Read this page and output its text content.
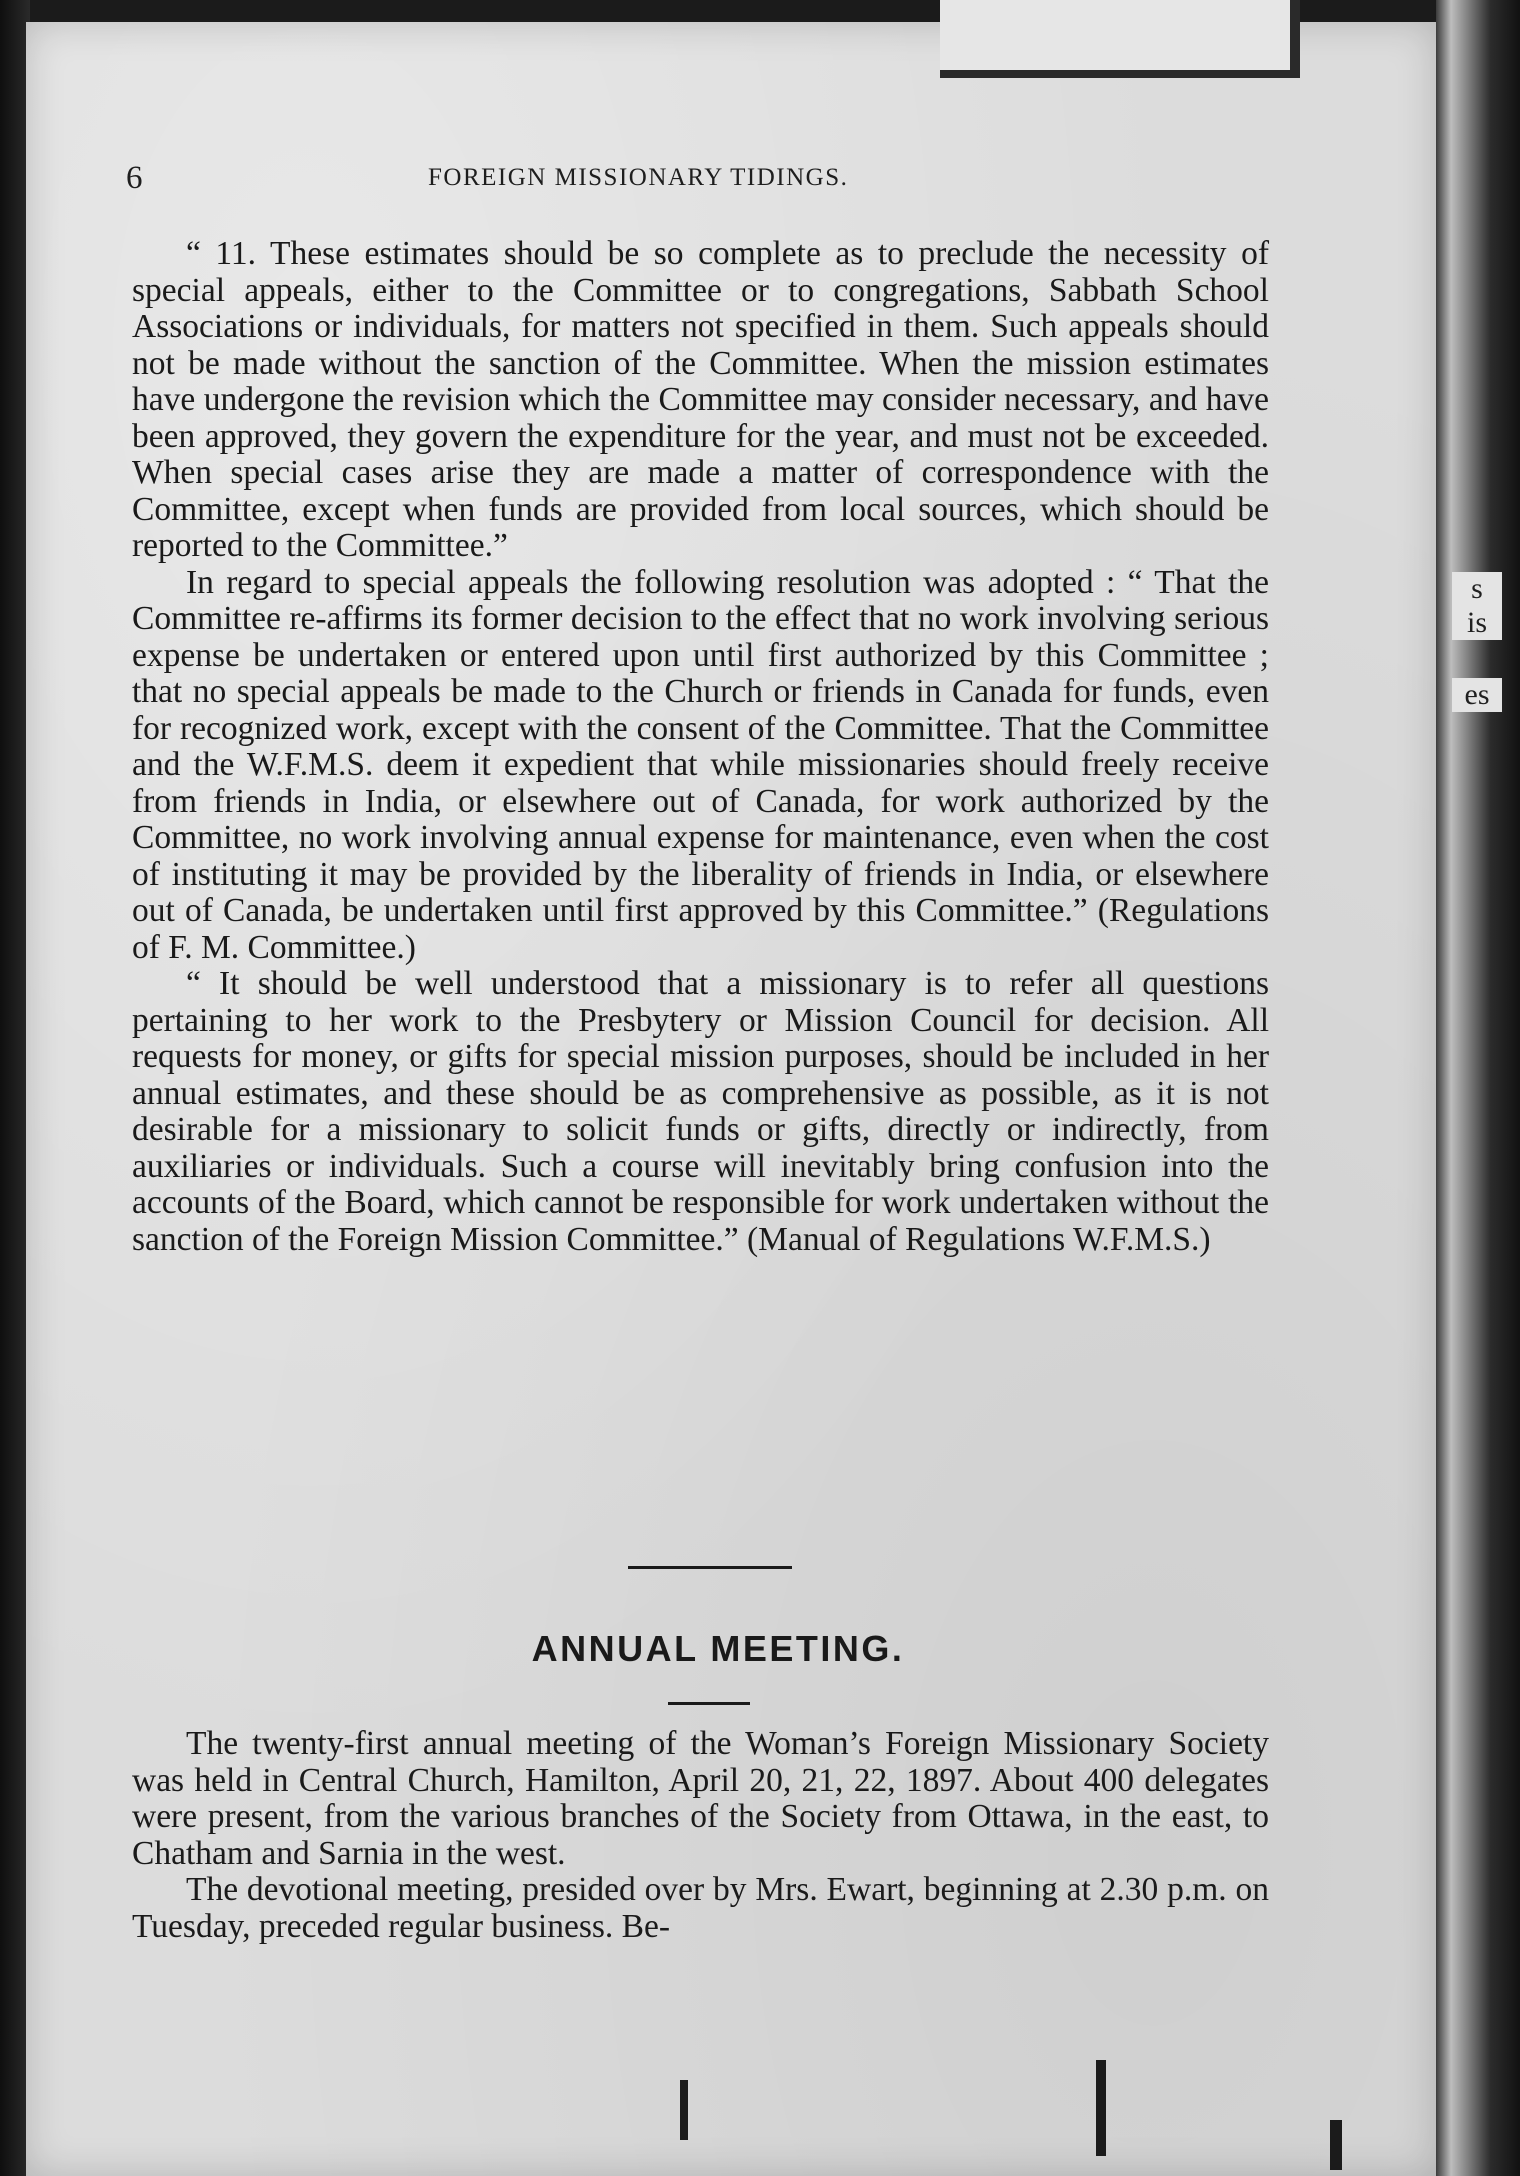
s
is
es
6	FOREIGN MISSIONARY TIDINGS.

“ 11. These estimates should be so complete as to preclude the necessity of special appeals, either to the Committee or to congregations, Sabbath School Associations or individuals, for matters not specified in them. Such appeals should not be made without the sanction of the Committee. When the mission estimates have undergone the revision which the Committee may consider necessary, and have been approved, they govern the expenditure for the year, and must not be exceeded. When special cases arise they are made a matter of correspondence with the Committee, except when funds are provided from local sources, which should be reported to the Committee.”

In regard to special appeals the following resolution was adopted : “ That the Committee re-affirms its former decision to the effect that no work involving serious expense be undertaken or entered upon until first authorized by this Committee ; that no special appeals be made to the Church or friends in Canada for funds, even for recognized work, except with the consent of the Committee. That the Committee and the W.F.M.S. deem it expedient that while missionaries should freely receive from friends in India, or elsewhere out of Canada, for work authorized by the Committee, no work involving annual expense for maintenance, even when the cost of instituting it may be provided by the liberality of friends in India, or elsewhere out of Canada, be undertaken until first approved by this Committee.” (Regulations of F. M. Committee.)

“ It should be well understood that a missionary is to refer all questions pertaining to her work to the Presbytery or Mission Council for decision. All requests for money, or gifts for special mission purposes, should be included in her annual estimates, and these should be as comprehensive as possible, as it is not desirable for a missionary to solicit funds or gifts, directly or indirectly, from auxiliaries or individuals. Such a course will inevitably bring confusion into the accounts of the Board, which cannot be responsible for work undertaken without the sanction of the Foreign Mission Committee.” (Manual of Regulations W.F.M.S.)

ANNUAL MEETING.

The twenty-first annual meeting of the Woman’s Foreign Missionary Society was held in Central Church, Hamilton, April 20, 21, 22, 1897. About 400 delegates were present, from the various branches of the Society from Ottawa, in the east, to Chatham and Sarnia in the west.

The devotional meeting, presided over by Mrs. Ewart, beginning at 2.30 p.m. on Tuesday, preceded regular business. Be-
